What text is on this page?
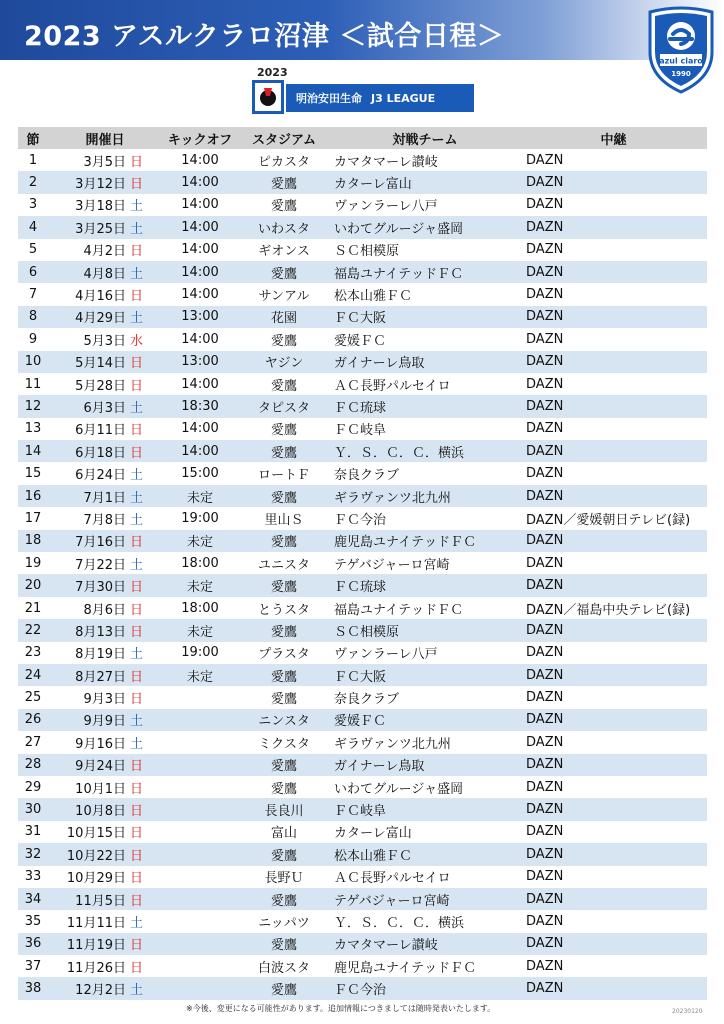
2023 アスルクラロ沼津 ＜試合日程＞
azul claro
1990
2023
明治安田生命 J3 LEAGUE
節	開催日		キックオフ	スタジアム	対戦チーム	中継
1	3月5日	日	14:00	ピカスタ	カマタマーレ讃岐	DAZN
2	3月12日	日	14:00	愛鷹	カターレ富山	DAZN
3	3月18日	土	14:00	愛鷹	ヴァンラーレ八戸	DAZN
4	3月25日	土	14:00	いわスタ	いわてグルージャ盛岡	DAZN
5	4月2日	日	14:00	ギオンス	ＳＣ相模原	DAZN
6	4月8日	土	14:00	愛鷹	福島ユナイテッドＦＣ	DAZN
7	4月16日	日	14:00	サンアル	松本山雅ＦＣ	DAZN
8	4月29日	土	13:00	花園	ＦＣ大阪	DAZN
9	5月3日	水	14:00	愛鷹	愛媛ＦＣ	DAZN
10	5月14日	日	13:00	ヤジン	ガイナーレ鳥取	DAZN
11	5月28日	日	14:00	愛鷹	ＡＣ長野パルセイロ	DAZN
12	6月3日	土	18:30	タピスタ	ＦＣ琉球	DAZN
13	6月11日	日	14:00	愛鷹	ＦＣ岐阜	DAZN
14	6月18日	日	14:00	愛鷹	Ｙ．Ｓ．Ｃ．Ｃ．横浜	DAZN
15	6月24日	土	15:00	ロートＦ	奈良クラブ	DAZN
16	7月1日	土	未定	愛鷹	ギラヴァンツ北九州	DAZN
17	7月8日	土	19:00	里山Ｓ	ＦＣ今治	DAZN／愛媛朝日テレビ(録)
18	7月16日	日	未定	愛鷹	鹿児島ユナイテッドＦＣ	DAZN
19	7月22日	土	18:00	ユニスタ	テゲバジャーロ宮崎	DAZN
20	7月30日	日	未定	愛鷹	ＦＣ琉球	DAZN
21	8月6日	日	18:00	とうスタ	福島ユナイテッドＦＣ	DAZN／福島中央テレビ(録)
22	8月13日	日	未定	愛鷹	ＳＣ相模原	DAZN
23	8月19日	土	19:00	プラスタ	ヴァンラーレ八戸	DAZN
24	8月27日	日	未定	愛鷹	ＦＣ大阪	DAZN
25	9月3日	日		愛鷹	奈良クラブ	DAZN
26	9月9日	土		ニンスタ	愛媛ＦＣ	DAZN
27	9月16日	土		ミクスタ	ギラヴァンツ北九州	DAZN
28	9月24日	日		愛鷹	ガイナーレ鳥取	DAZN
29	10月1日	日		愛鷹	いわてグルージャ盛岡	DAZN
30	10月8日	日		長良川	ＦＣ岐阜	DAZN
31	10月15日	日		富山	カターレ富山	DAZN
32	10月22日	日		愛鷹	松本山雅ＦＣ	DAZN
33	10月29日	日		長野Ｕ	ＡＣ長野パルセイロ	DAZN
34	11月5日	日		愛鷹	テゲバジャーロ宮崎	DAZN
35	11月11日	土		ニッパツ	Ｙ．Ｓ．Ｃ．Ｃ．横浜	DAZN
36	11月19日	日		愛鷹	カマタマーレ讃岐	DAZN
37	11月26日	日		白波スタ	鹿児島ユナイテッドＦＣ	DAZN
38	12月2日	土		愛鷹	ＦＣ今治	DAZN
※今後、変更になる可能性があります。追加情報につきましては随時発表いたします。	20230120
